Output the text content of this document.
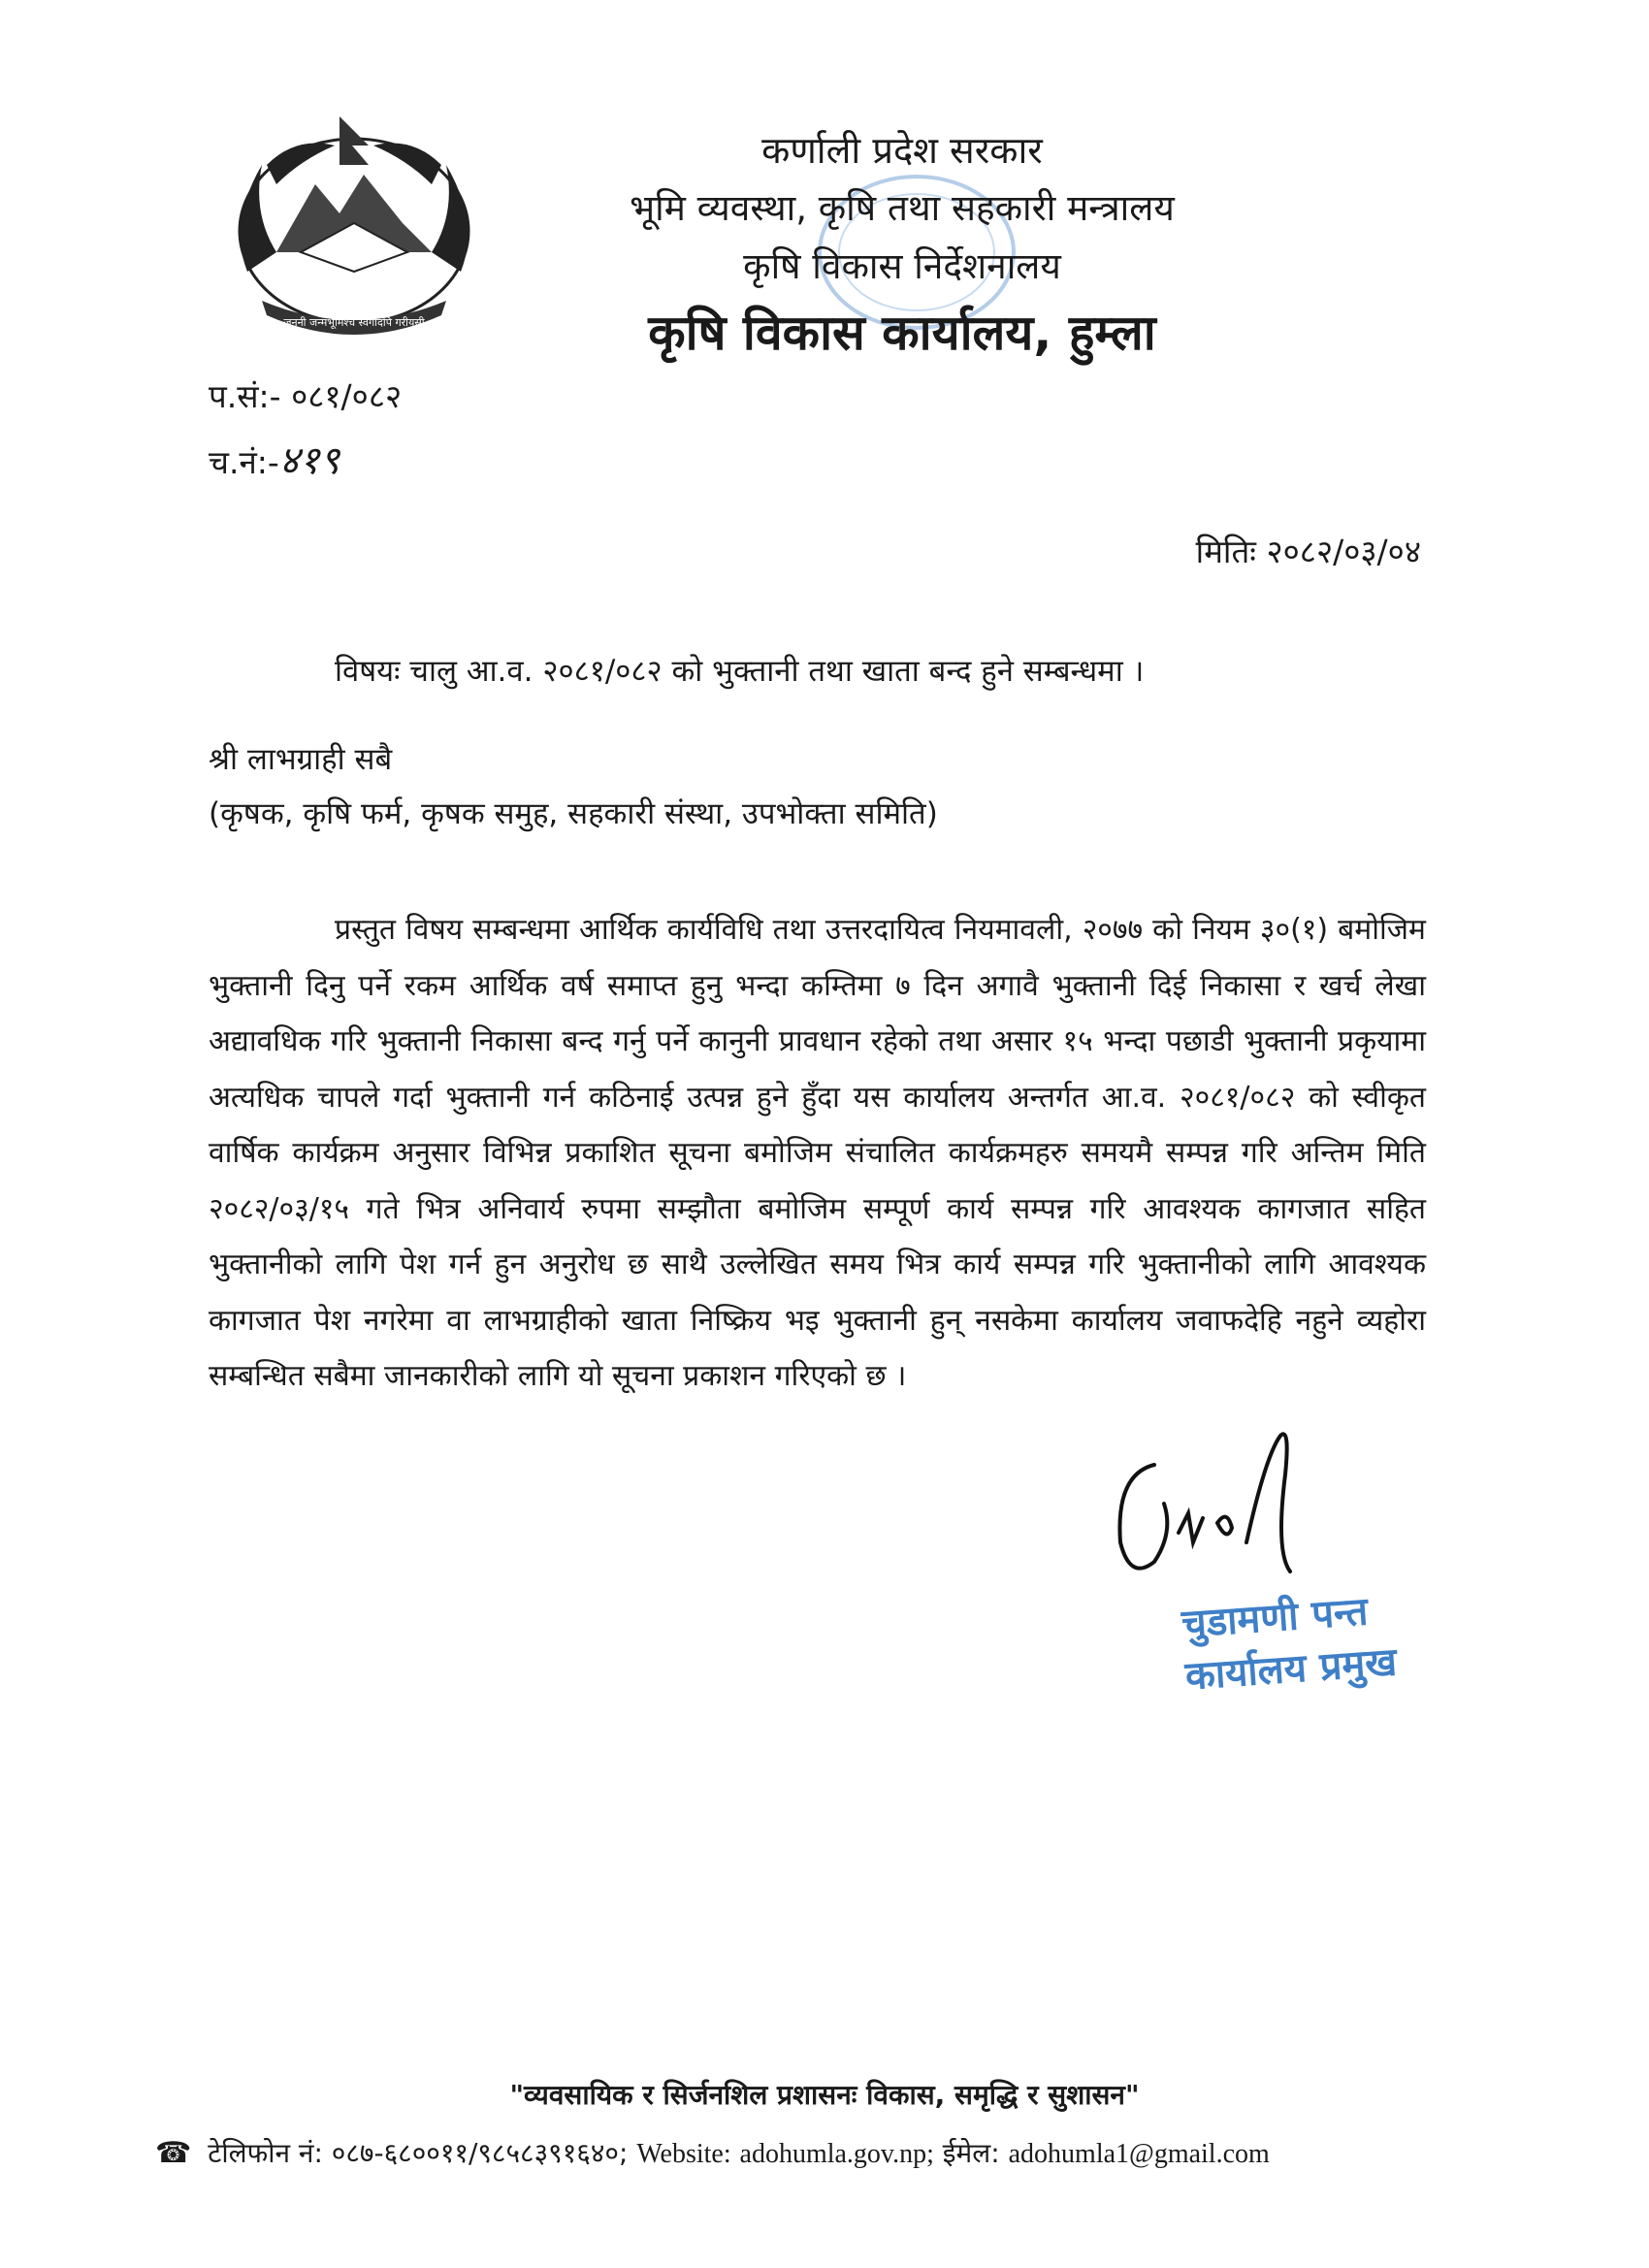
जननी जन्मभूमिश्च स्वर्गादपि गरीयसी
कर्णाली प्रदेश सरकार
भूमि व्यवस्था, कृषि तथा सहकारी मन्त्रालय
कृषि विकास निर्देशनालय
कृषि विकास कार्यालय, हुम्ला
प.सं:- ०८१/०८२
च.नं:-४१९
मितिः २०८२/०३/०४
विषयः चालु आ.व. २०८१/०८२ को भुक्तानी तथा खाता बन्द हुने सम्बन्धमा ।
श्री लाभग्राही सबै
(कृषक, कृषि फर्म, कृषक समुह, सहकारी संस्था, उपभोक्ता समिति)
प्रस्तुत विषय सम्बन्धमा आर्थिक कार्यविधि तथा उत्तरदायित्व नियमावली, २०७७ को नियम ३०(१) बमोजिम भुक्तानी दिनु पर्ने रकम आर्थिक वर्ष समाप्त हुनु भन्दा कम्तिमा ७ दिन अगावै भुक्तानी दिई निकासा र खर्च लेखा अद्यावधिक गरि भुक्तानी निकासा बन्द गर्नु पर्ने कानुनी प्रावधान रहेको तथा असार १५ भन्दा पछाडी भुक्तानी प्रकृयामा अत्यधिक चापले गर्दा भुक्तानी गर्न कठिनाई उत्पन्न हुने हुँदा यस कार्यालय अन्तर्गत आ.व. २०८१/०८२ को स्वीकृत वार्षिक कार्यक्रम अनुसार विभिन्न प्रकाशित सूचना बमोजिम संचालित कार्यक्रमहरु समयमै सम्पन्न गरि अन्तिम मिति २०८२/०३/१५ गते भित्र अनिवार्य रुपमा सम्झौता बमोजिम सम्पूर्ण कार्य सम्पन्न गरि आवश्यक कागजात सहित भुक्तानीको लागि पेश गर्न हुन अनुरोध छ साथै उल्लेखित समय भित्र कार्य सम्पन्न गरि भुक्तानीको लागि आवश्यक कागजात पेश नगरेमा वा लाभग्राहीको खाता निष्क्रिय भइ भुक्तानी हुन् नसकेमा कार्यालय जवाफदेहि नहुने व्यहोरा सम्बन्धित सबैमा जानकारीको लागि यो सूचना प्रकाशन गरिएको छ ।
चुडामणी पन्त
कार्यालय प्रमुख
"व्यवसायिक र सिर्जनशिल प्रशासनः विकास, समृद्धि र सुशासन"
☎ टेलिफोन नं: ०८७-६८००११/९८५८३९१६४०; Website: adohumla.gov.np; ईमेल: adohumla1@gmail.com
